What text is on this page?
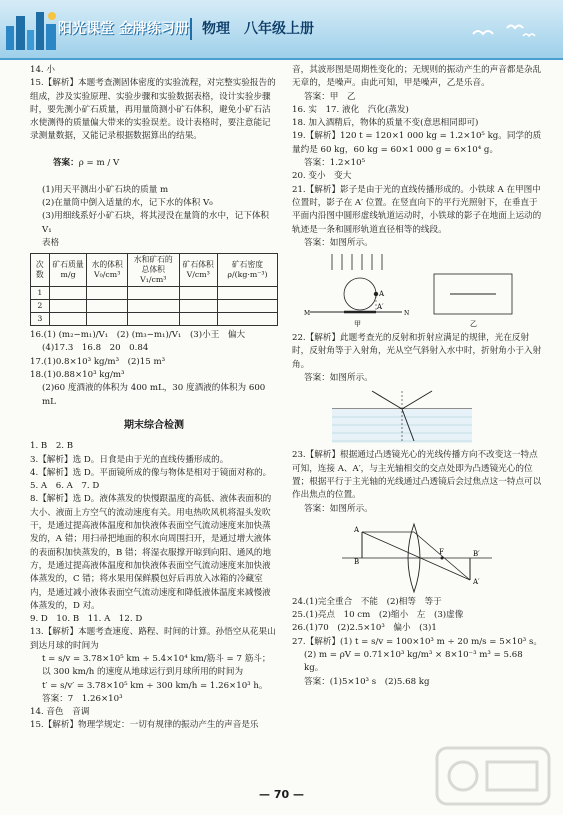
阳光课堂 金牌练习册 物理　八年级上册

14. 小

15.【解析】本题考查测固体密度的实验流程，对完整实验报告的组成，涉及实验原理、实验步骤和实验数据表格，设计实验步骤时，要先测小矿石质量，再用量筒测小矿石体积，避免小矿石沾水使测得的质量偏大带来的实验误差。设计表格时，要注意能记录测量数据，又能记录根据数据算出的结果。

答案：ρ = m / V

(1)用天平测出小矿石块的质量 m

(2)在量筒中倒入适量的水，记下水的体积 V₀

(3)用细线系好小矿石块，将其浸没在量筒的水中，记下体积 V₁

表格

次数	矿石质量 m/g	水的体积 V₀/cm³	水和矿石的总体积 V₁/cm³	矿石体积 V/cm³	矿石密度 ρ/(kg·m⁻³)
1					
2					
3					

16.(1) (m₂−m₁)/V₁　(2) (m₃−m₁)/V₁　(3)小王　偏大

(4)17.3　16.8　20　0.84

17.(1)0.8×10³ kg/m³　(2)15 m³

18.(1)0.88×10³ kg/m³

(2)60 度酒液的体积为 400 mL，30 度酒液的体积为 600 mL

期末综合检测

1. B　2. B

3.【解析】选 D。日食是由于光的直线传播形成的。

4.【解析】选 D。平面镜所成的像与物体是相对于镜面对称的。

5. A　6. A　7. D

8.【解析】选 D。液体蒸发的快慢跟温度的高低、液体表面积的大小、液面上方空气的流动速度有关。用电热吹风机将湿头发吹干，是通过提高液体温度和加快液体表面空气流动速度来加快蒸发的，A 错；用扫帚把地面的积水向周围扫开，是通过增大液体的表面积加快蒸发的，B 错；将湿衣服撑开晾到向阳、通风的地方，是通过提高液体温度和加快液体表面空气流动速度来加快液体蒸发的，C 错；将水果用保鲜膜包好后再放入冰箱的冷藏室内，是通过减小液体表面空气流动速度和降低液体温度来减慢液体蒸发的，D 对。

9. D　10. B　11. A　12. D

13.【解析】本题考查速度、路程、时间的计算。孙悟空从花果山到达月球的时间为

t = s/v = 3.78×10⁵ km ÷ 5.4×10⁴ km/筋斗 = 7 筋斗；

以 300 km/h 的速度从地球运行到月球所用的时间为

t′ = s/v′ = 3.78×10⁵ km ÷ 300 km/h = 1.26×10³ h。

答案：7　1.26×10³

14. 音色　音调

15.【解析】物理学规定：一切有规律的振动产生的声音是乐

音，其波形图是周期性变化的；无规则的振动产生的声音都是杂乱无章的，是噪声。由此可知，甲是噪声，乙是乐音。

答案：甲　乙

16. 实　17. 液化　汽化(蒸发)

18. 加入酒精后，物体的质量不变(意思相同即可)

19.【解析】120 t = 120×1 000 kg = 1.2×10⁵ kg。同学的质量约是 60 kg，60 kg = 60×1 000 g = 6×10⁴ g。

答案：1.2×10⁵

20. 变小　变大

21.【解析】影子是由于光的直线传播形成的。小铁球 A 在甲图中位置时，影子在 A′ 位置。在竖直向下的平行光照射下，在垂直于平面内沿图中圆形虚线轨道运动时，小铁球的影子在地面上运动的轨迹是一条和圆形轨道直径相等的线段。

答案：如图所示。

A
A′
M	N
甲	乙

22.【解析】此题考查光的反射和折射应满足的规律，光在反射时，反射角等于入射角，光从空气斜射入水中时，折射角小于入射角。

答案：如图所示。

23.【解析】根据通过凸透镜光心的光线传播方向不改变这一特点可知，连接 A、A′，与主光轴相交的交点处即为凸透镜光心的位置；根据平行于主光轴的光线通过凸透镜后会过焦点这一特点可以作出焦点的位置。

答案：如图所示。

A
B
F	B′
A′

24.(1)完全重合　不能　(2)相等　等于

25.(1)亮点　10 cm　(2)缩小　左　(3)虚像

26.(1)70　(2)2.5×10³　偏小　(3)1

27.【解析】(1) t = s/v = 100×10³ m ÷ 20 m/s = 5×10³ s。

(2) m = ρV = 0.71×10³ kg/m³ × 8×10⁻³ m³ = 5.68 kg。

答案：(1)5×10³ s　(2)5.68 kg

— 70 —
